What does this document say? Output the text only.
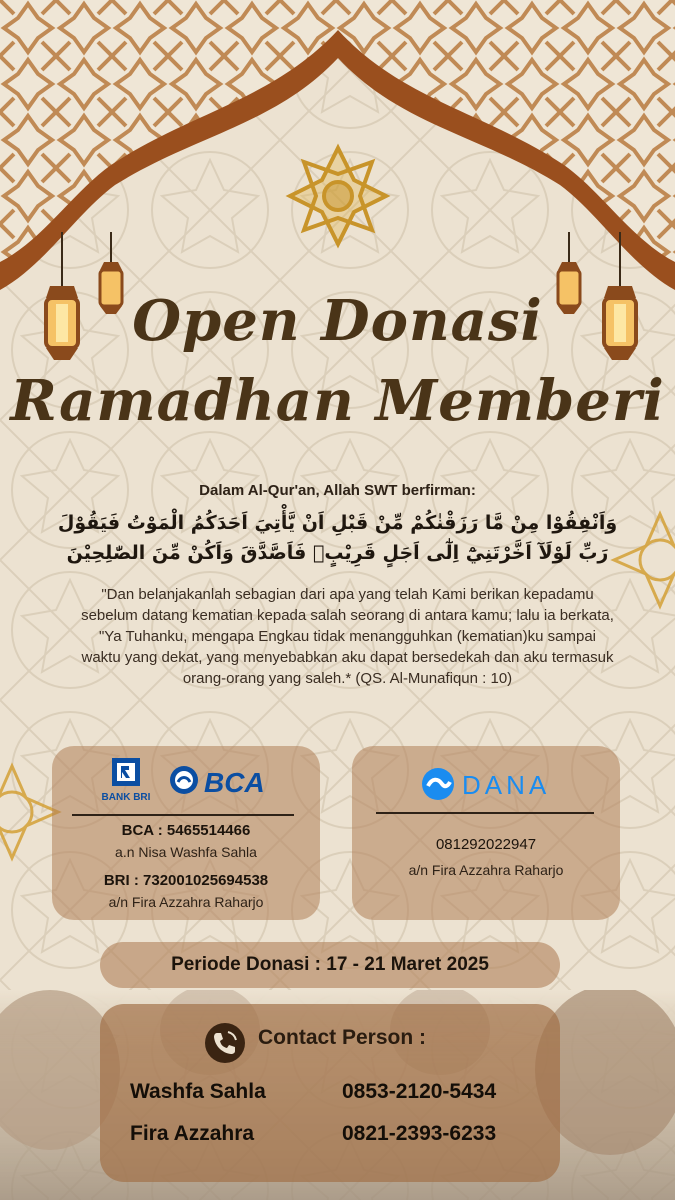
Open Donasi
Ramadhan Memberi
Dalam Al-Qur'an, Allah SWT berfirman:
وَاَنْفِقُوْا مِنْ مَّا رَزَقْنٰكُمْ مِّنْ قَبْلِ اَنْ يَّأْتِيَ اَحَدَكُمُ الْمَوْتُ فَيَقُوْلَ رَبِّ لَوْلَآ اَخَّرْتَنِيْٓ اِلٰٓى اَجَلٍ قَرِيْبٍۚ فَاَصَّدَّقَ وَاَكُنْ مِّنَ الصّٰلِحِيْنَ
"Dan belanjakanlah sebagian dari apa yang telah Kami berikan kepadamu sebelum datang kematian kepada salah seorang di antara kamu; lalu ia berkata, "Ya Tuhanku, mengapa Engkau tidak menangguhkan (kematian)ku sampai waktu yang dekat, yang menyebabkan aku dapat bersedekah dan aku termasuk orang-orang yang saleh.* (QS. Al-Munafiqun : 10)
BANK BRI BCA
BCA : 5465514466
a.n Nisa Washfa Sahla
BRI : 732001025694538
a/n Fira Azzahra Raharjo
DANA
081292022947
a/n Fira Azzahra Raharjo
Periode Donasi : 17 - 21 Maret 2025
Contact Person :
Washfa Sahla	0853-2120-5434
Fira Azzahra	0821-2393-6233
